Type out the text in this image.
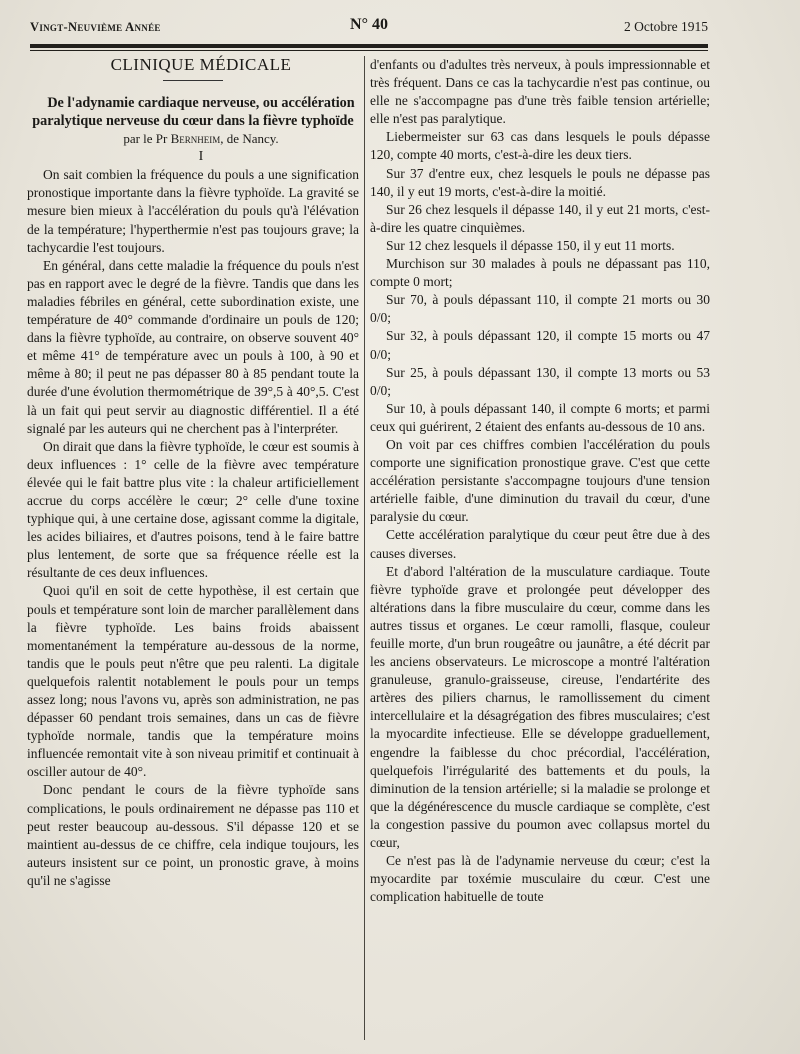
Vingt-Neuvième Année	N° 40	2 Octobre 1915

CLINIQUE MÉDICALE

De l'adynamie cardiaque nerveuse, ou accélération paralytique nerveuse du cœur dans la fièvre typhoïde

par le Pr Bernheim, de Nancy.

I

On sait combien la fréquence du pouls a une signification pronostique importante dans la fièvre typhoïde. La gravité se mesure bien mieux à l'accélération du pouls qu'à l'élévation de la température; l'hyperthermie n'est pas toujours grave; la tachycardie l'est toujours.

En général, dans cette maladie la fréquence du pouls n'est pas en rapport avec le degré de la fièvre. Tandis que dans les maladies fébriles en général, cette subordination existe, une température de 40° commande d'ordinaire un pouls de 120; dans la fièvre typhoïde, au contraire, on observe souvent 40° et même 41° de température avec un pouls à 100, à 90 et même à 80; il peut ne pas dépasser 80 à 85 pendant toute la durée d'une évolution thermométrique de 39°,5 à 40°,5. C'est là un fait qui peut servir au diagnostic différentiel. Il a été signalé par les auteurs qui ne cherchent pas à l'interpréter.

On dirait que dans la fièvre typhoïde, le cœur est soumis à deux influences : 1° celle de la fièvre avec température élevée qui le fait battre plus vite : la chaleur artificiellement accrue du corps accélère le cœur; 2° celle d'une toxine typhique qui, à une certaine dose, agissant comme la digitale, les acides biliaires, et d'autres poisons, tend à le faire battre plus lentement, de sorte que sa fréquence réelle est la résultante de ces deux influences.

Quoi qu'il en soit de cette hypothèse, il est certain que pouls et température sont loin de marcher parallèlement dans la fièvre typhoïde. Les bains froids abaissent momentanément la température au-dessous de la norme, tandis que le pouls peut n'être que peu ralenti. La digitale quelquefois ralentit notablement le pouls pour un temps assez long; nous l'avons vu, après son administration, ne pas dépasser 60 pendant trois semaines, dans un cas de fièvre typhoïde normale, tandis que la température moins influencée remontait vite à son niveau primitif et continuait à osciller autour de 40°.

Donc pendant le cours de la fièvre typhoïde sans complications, le pouls ordinairement ne dépasse pas 110 et peut rester beaucoup au-dessous. S'il dépasse 120 et se maintient au-dessus de ce chiffre, cela indique toujours, les auteurs insistent sur ce point, un pronostic grave, à moins qu'il ne s'agisse

d'enfants ou d'adultes très nerveux, à pouls impressionnable et très fréquent. Dans ce cas la tachycardie n'est pas continue, ou elle ne s'accompagne pas d'une très faible tension artérielle; elle n'est pas paralytique.

Liebermeister sur 63 cas dans lesquels le pouls dépasse 120, compte 40 morts, c'est-à-dire les deux tiers.

Sur 37 d'entre eux, chez lesquels le pouls ne dépasse pas 140, il y eut 19 morts, c'est-à-dire la moitié.

Sur 26 chez lesquels il dépasse 140, il y eut 21 morts, c'est-à-dire les quatre cinquièmes.

Sur 12 chez lesquels il dépasse 150, il y eut 11 morts.

Murchison sur 30 malades à pouls ne dépassant pas 110, compte 0 mort;

Sur 70, à pouls dépassant 110, il compte 21 morts ou 30 0/0;

Sur 32, à pouls dépassant 120, il compte 15 morts ou 47 0/0;

Sur 25, à pouls dépassant 130, il compte 13 morts ou 53 0/0;

Sur 10, à pouls dépassant 140, il compte 6 morts; et parmi ceux qui guérirent, 2 étaient des enfants au-dessous de 10 ans.

On voit par ces chiffres combien l'accélération du pouls comporte une signification pronostique grave. C'est que cette accélération persistante s'accompagne toujours d'une tension artérielle faible, d'une diminution du travail du cœur, d'une paralysie du cœur.

Cette accélération paralytique du cœur peut être due à des causes diverses.

Et d'abord l'altération de la musculature cardiaque. Toute fièvre typhoïde grave et prolongée peut développer des altérations dans la fibre musculaire du cœur, comme dans les autres tissus et organes. Le cœur ramolli, flasque, couleur feuille morte, d'un brun rougeâtre ou jaunâtre, a été décrit par les anciens observateurs. Le microscope a montré l'altération granuleuse, granulo-graisseuse, cireuse, l'endartérite des artères des piliers charnus, le ramollissement du ciment intercellulaire et la désagrégation des fibres musculaires; c'est la myocardite infectieuse. Elle se développe graduellement, engendre la faiblesse du choc précordial, l'accélération, quelquefois l'irrégularité des battements et du pouls, la diminution de la tension artérielle; si la maladie se prolonge et que la dégénérescence du muscle cardiaque se complète, c'est la congestion passive du poumon avec collapsus mortel du cœur,

Ce n'est pas là de l'adynamie nerveuse du cœur; c'est la myocardite par toxémie musculaire du cœur. C'est une complication habituelle de toute
